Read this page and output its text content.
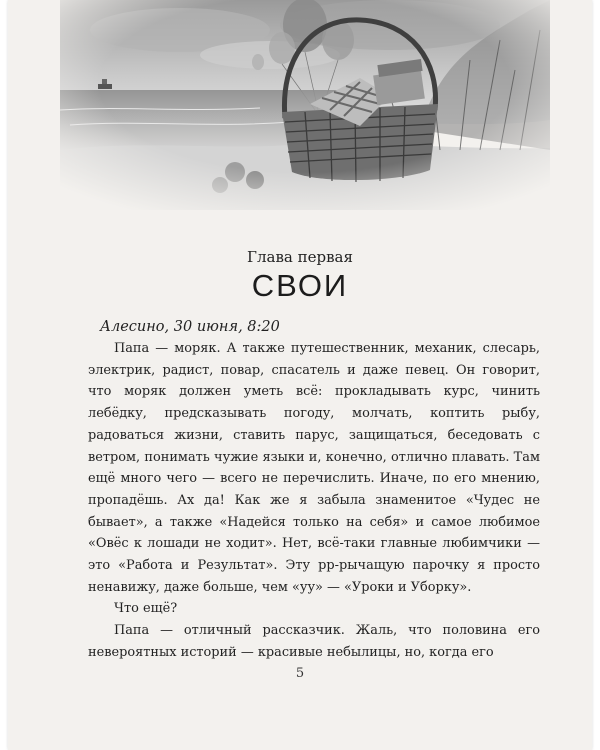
Глава первая
СВОИ
Алесино, 30 июня, 8:20

Папа — моряк. А также путешественник, механик, слесарь, электрик, радист, повар, спасатель и даже певец. Он говорит, что моряк должен уметь всё: прокладывать курс, чинить лебёдку, предсказывать погоду, молчать, коптить рыбу, радоваться жизни, ставить парус, защищаться, беседовать с ветром, понимать чужие языки и, конечно, отлично плавать. Там ещё много чего — всего не перечислить. Иначе, по его мнению, пропадёшь. Ах да! Как же я забыла знаменитое «Чудес не бывает», а также «Надейся только на себя» и самое любимое «Овёс к лошади не ходит». Нет, всё-таки главные любимчики — это «Работа и Результат». Эту рр-рычащую парочку я просто ненавижу, даже больше, чем «уу» — «Уроки и Уборку».

Что ещё?

Папа — отличный рассказчик. Жаль, что половина его невероятных историй — красивые небылицы, но, когда его

5
